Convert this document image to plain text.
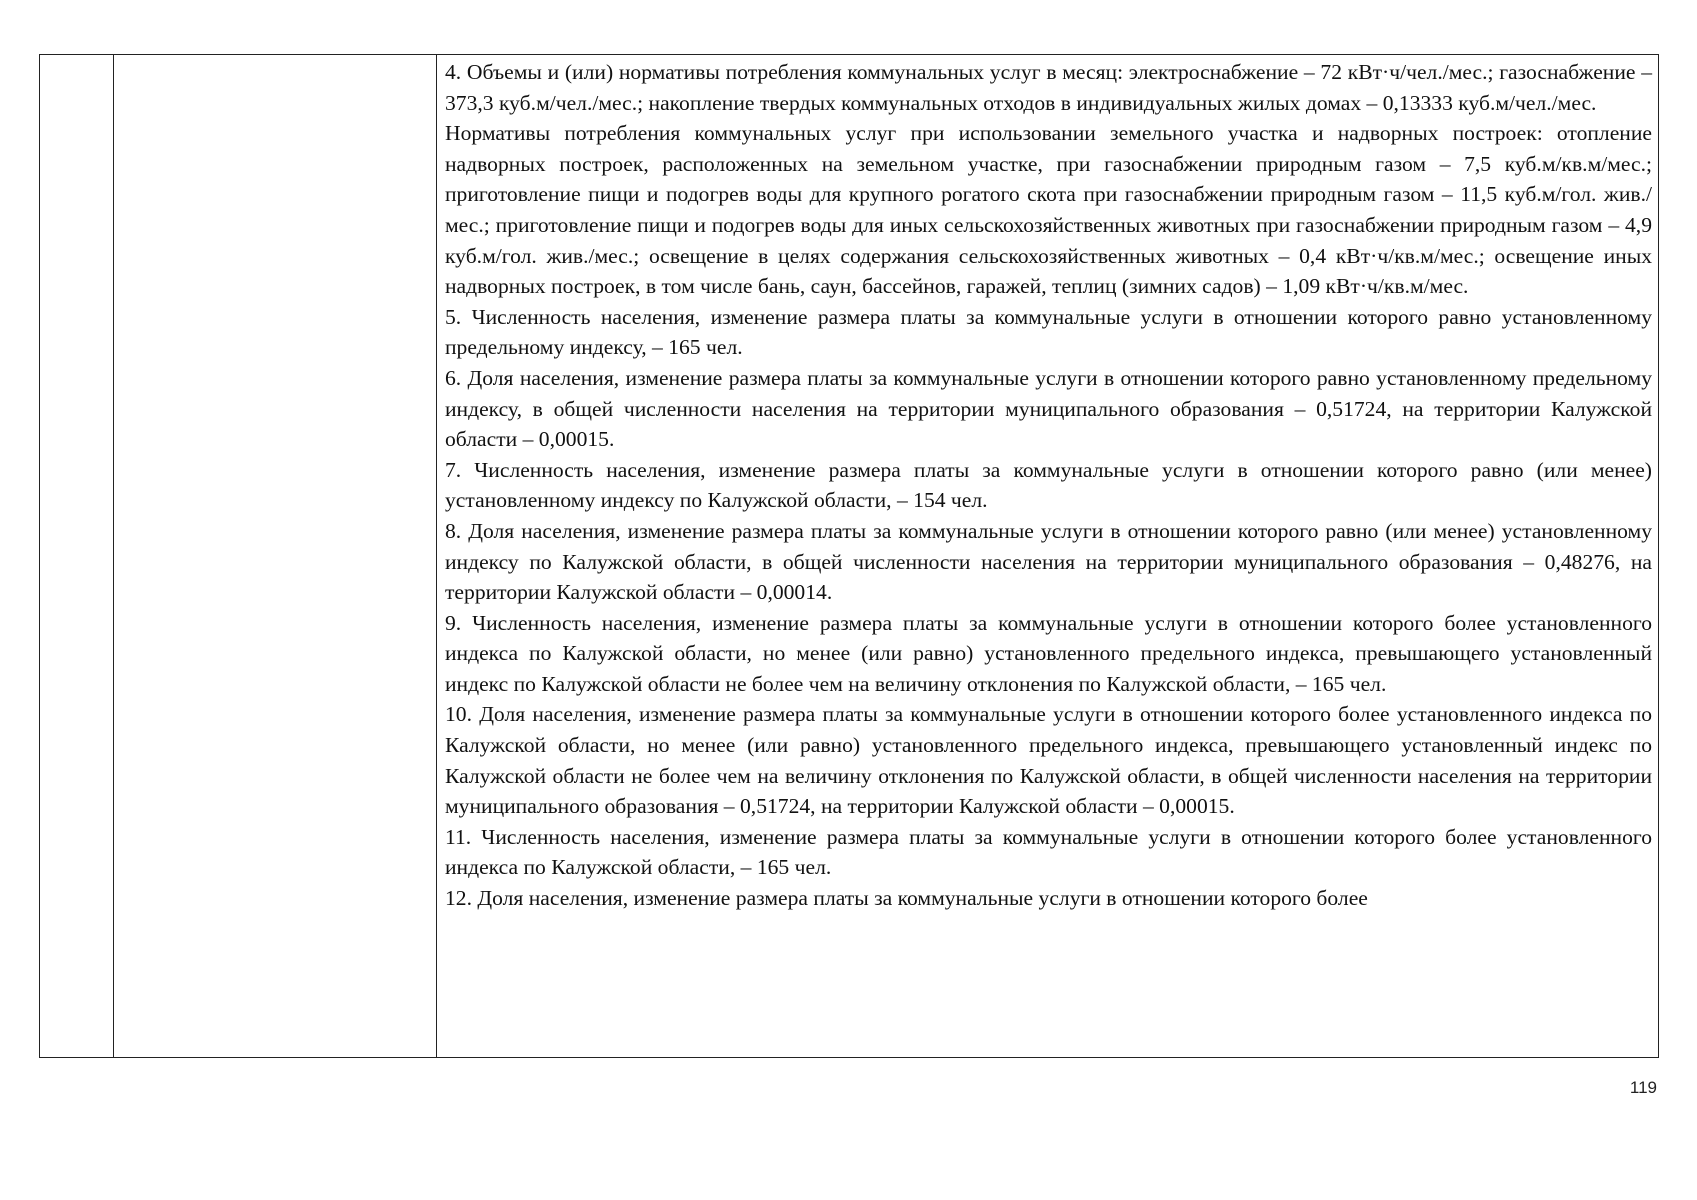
4. Объемы и (или) нормативы потребления коммунальных услуг в месяц: электроснабжение – 72 кВт·ч/чел./мес.; газоснабжение – 373,3 куб.м/чел./мес.; накопление твердых коммунальных отходов в индивидуальных жилых домах – 0,13333 куб.м/чел./мес.

Нормативы потребления коммунальных услуг при использовании земельного участка и надворных построек: отопление надворных построек, расположенных на земельном участке, при газоснабжении природным газом – 7,5 куб.м/кв.м/мес.; приготовление пищи и подогрев воды для крупного рогатого скота при газоснабжении природным газом – 11,5 куб.м/гол. жив./мес.; приготовление пищи и подогрев воды для иных сельскохозяйственных животных при газоснабжении природным газом – 4,9 куб.м/гол. жив./мес.; освещение в целях содержания сельскохозяйственных животных – 0,4 кВт·ч/кв.м/мес.; освещение иных надворных построек, в том числе бань, саун, бассейнов, гаражей, теплиц (зимних садов) – 1,09 кВт·ч/кв.м/мес.

5. Численность населения, изменение размера платы за коммунальные услуги в отношении которого равно установленному предельному индексу, – 165 чел.

6. Доля населения, изменение размера платы за коммунальные услуги в отношении которого равно установленному предельному индексу, в общей численности населения на территории муниципального образования – 0,51724, на территории Калужской области – 0,00015.

7. Численность населения, изменение размера платы за коммунальные услуги в отношении которого равно (или менее) установленному индексу по Калужской области, – 154 чел.

8. Доля населения, изменение размера платы за коммунальные услуги в отношении которого равно (или менее) установленному индексу по Калужской области, в общей численности населения на территории муниципального образования – 0,48276, на территории Калужской области – 0,00014.

9. Численность населения, изменение размера платы за коммунальные услуги в отношении которого более установленного индекса по Калужской области, но менее (или равно) установленного предельного индекса, превышающего установленный индекс по Калужской области не более чем на величину отклонения по Калужской области, – 165 чел.

10. Доля населения, изменение размера платы за коммунальные услуги в отношении которого более установленного индекса по Калужской области, но менее (или равно) установленного предельного индекса, превышающего установленный индекс по Калужской области не более чем на величину отклонения по Калужской области, в общей численности населения на территории муниципального образования – 0,51724, на территории Калужской области – 0,00015.

11. Численность населения, изменение размера платы за коммунальные услуги в отношении которого более установленного индекса по Калужской области, – 165 чел.

12. Доля населения, изменение размера платы за коммунальные услуги в отношении которого более

119
